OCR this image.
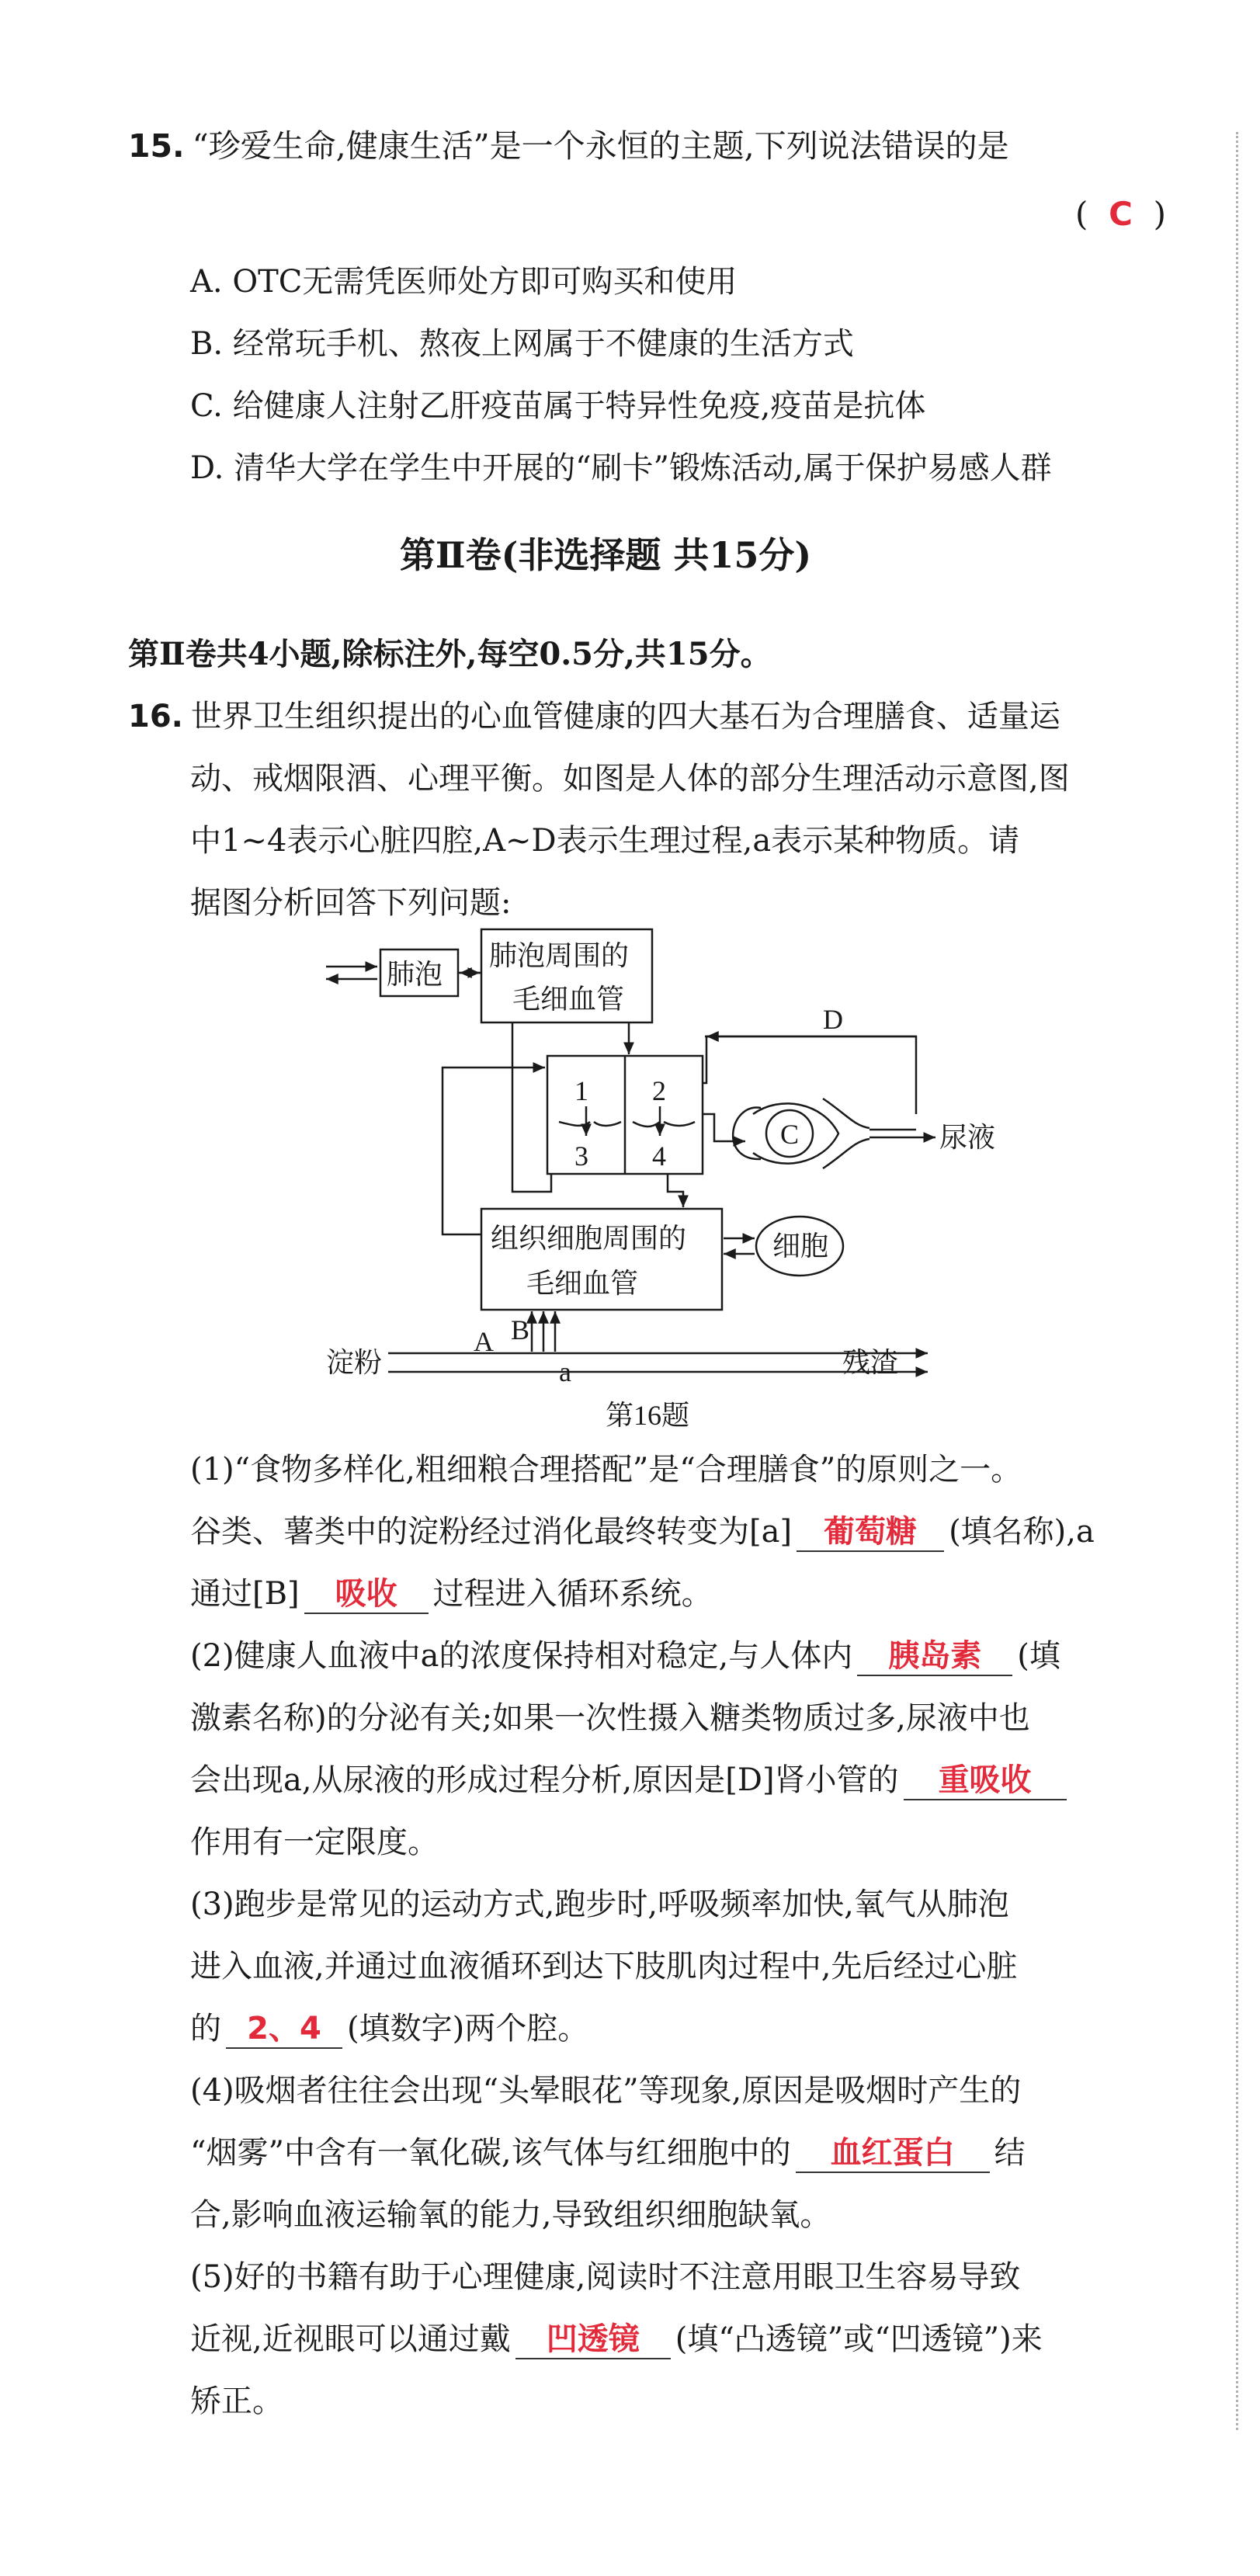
15. “珍爱生命,健康生活”是一个永恒的主题,下列说法错误的是
( C )
A. OTC无需凭医师处方即可购买和使用
B. 经常玩手机、熬夜上网属于不健康的生活方式
C. 给健康人注射乙肝疫苗属于特异性免疫,疫苗是抗体
D. 清华大学在学生中开展的“刷卡”锻炼活动,属于保护易感人群
第Ⅱ卷(非选择题 共15分)
第Ⅱ卷共4小题,除标注外,每空0.5分,共15分。
16. 世界卫生组织提出的心血管健康的四大基石为合理膳食、适量运
动、戒烟限酒、心理平衡。如图是人体的部分生理活动示意图,图
中1~4表示心脏四腔,A~D表示生理过程,a表示某种物质。请
据图分析回答下列问题:
肺泡
肺泡周围的
毛细血管
1 2
3 4
C
D
尿液
组织细胞周围的
毛细血管
细胞
B
淀粉
A
a	残渣
第16题
(1)“食物多样化,粗细粮合理搭配”是“合理膳食”的原则之一。
谷类、薯类中的淀粉经过消化最终转变为[a] 葡萄糖 (填名称),a
通过[B] 吸收 过程进入循环系统。
(2)健康人血液中a的浓度保持相对稳定,与人体内 胰岛素 (填
激素名称)的分泌有关;如果一次性摄入糖类物质过多,尿液中也
会出现a,从尿液的形成过程分析,原因是[D]肾小管的 重吸收
作用有一定限度。
(3)跑步是常见的运动方式,跑步时,呼吸频率加快,氧气从肺泡
进入血液,并通过血液循环到达下肢肌肉过程中,先后经过心脏
的 2、4 (填数字)两个腔。
(4)吸烟者往往会出现“头晕眼花”等现象,原因是吸烟时产生的
“烟雾”中含有一氧化碳,该气体与红细胞中的 血红蛋白 结
合,影响血液运输氧的能力,导致组织细胞缺氧。
(5)好的书籍有助于心理健康,阅读时不注意用眼卫生容易导致
近视,近视眼可以通过戴 凹透镜 (填“凸透镜”或“凹透镜”)来
矫正。
